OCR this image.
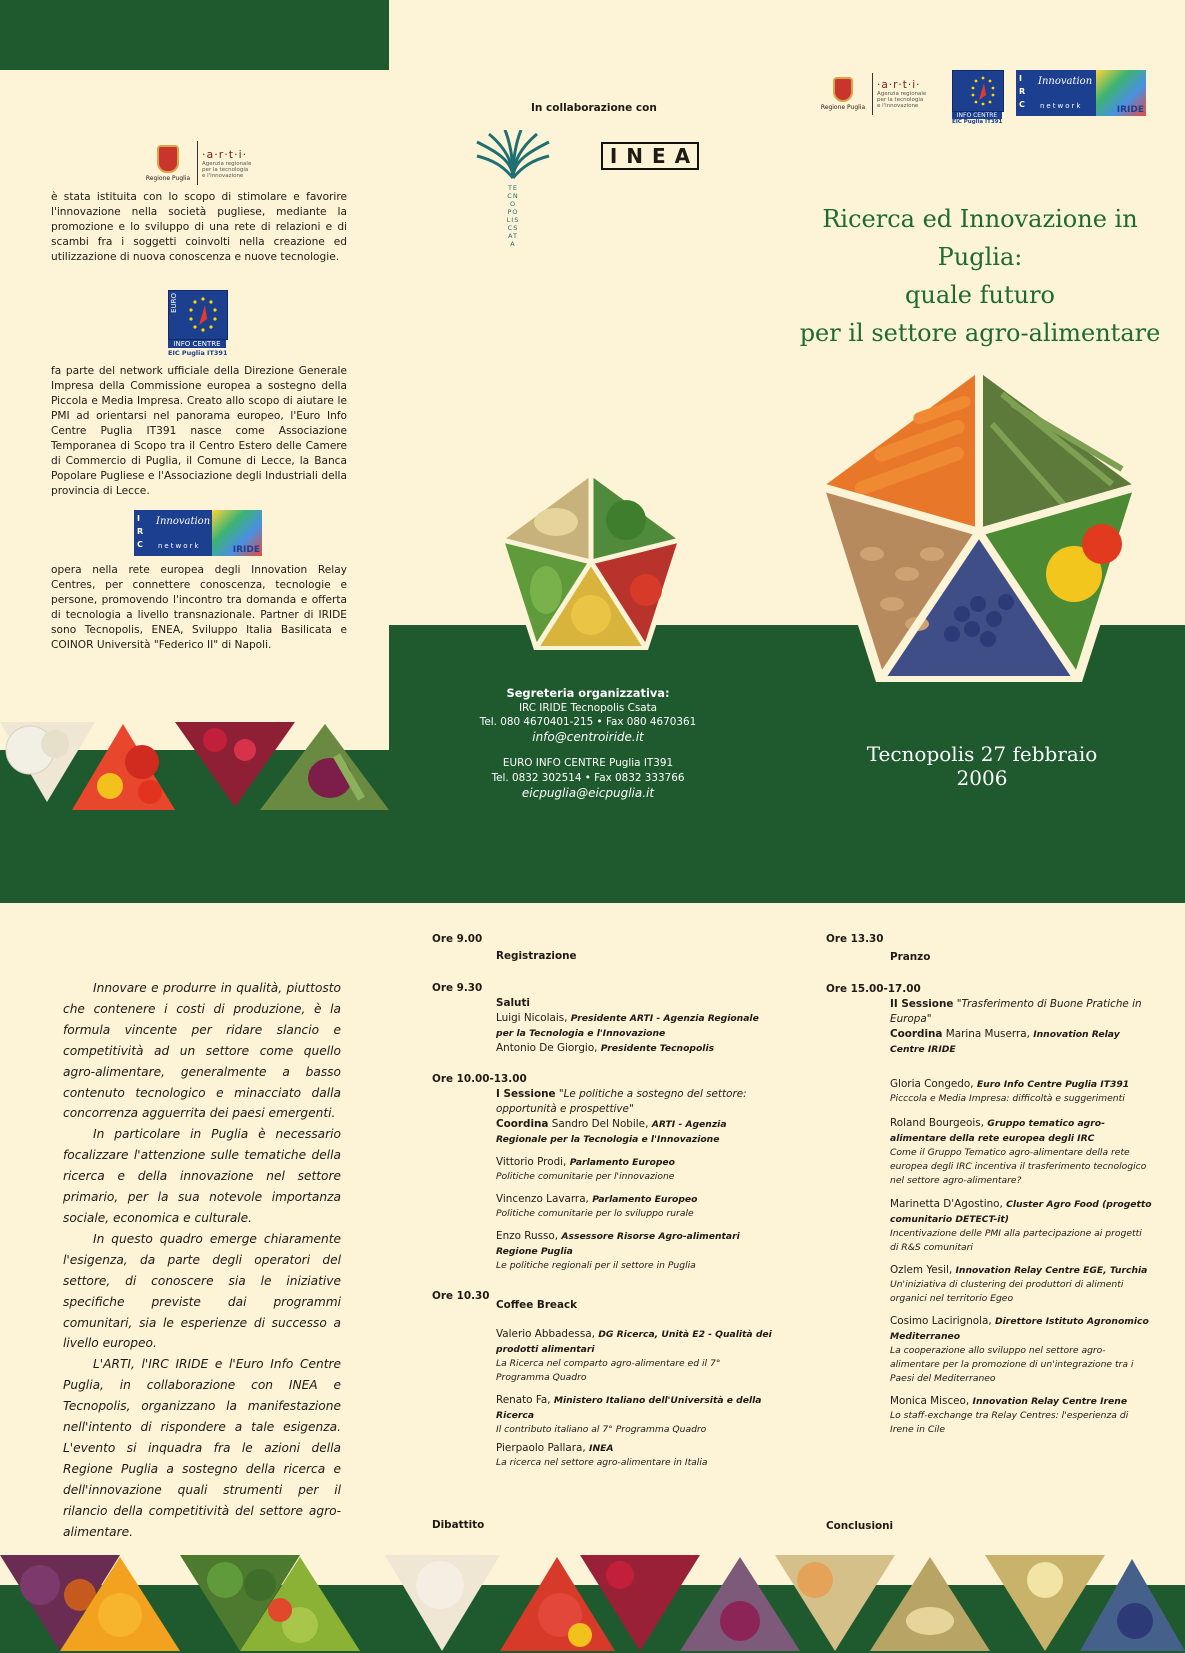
Regione Puglia
·a·r·t·i·
Agenzia regionale
per la tecnologia
e l'innovazione
è stata istituita con lo scopo di stimolare e favorire l'innovazione nella società pugliese, mediante la promozione e lo sviluppo di una rete di relazioni e di scambi fra i soggetti coinvolti nella creazione ed utilizzazione di nuova conoscenza e nuove tecnologie.
EURO
INFO CENTRE
EIC Puglia IT391
fa parte del network ufficiale della Direzione Generale Impresa della Commissione europea a sostegno della Piccola e Media Impresa. Creato allo scopo di aiutare le PMI ad orientarsi nel panorama europeo, l'Euro Info Centre Puglia IT391 nasce come Associazione Temporanea di Scopo tra il Centro Estero delle Camere di Commercio di Puglia, il Comune di Lecce, la Banca Popolare Pugliese e l'Associazione degli Industriali della provincia di Lecce.
I R C
Innovation
network	IRIDE
opera nella rete europea degli Innovation Relay Centres, per connettere conoscenza, tecnologie e persone, promovendo l'incontro tra domanda e offerta di tecnologia a livello transnazionale. Partner di IRIDE sono Tecnopolis, ENEA, Sviluppo Italia Basilicata e COINOR Università "Federico II" di Napoli.
In collaborazione con
TECNO POLIS CSATA
INEA
Segreteria organizzativa:
IRC IRIDE Tecnopolis Csata
Tel. 080 4670401-215 • Fax 080 4670361
info@centroiride.it
EURO INFO CENTRE Puglia IT391
Tel. 0832 302514 • Fax 0832 333766
eicpuglia@eicpuglia.it
Regione Puglia
·a·r·t·i·
Agenzia regionale
per la tecnologia
e l'innovazione
INFO CENTRE
EIC Puglia IT391
I R C
Innovation
network	IRIDE
Ricerca ed Innovazione in Puglia:
quale futuro
per il settore agro-alimentare
Tecnopolis 27 febbraio 2006

Innovare e produrre in qualità, piuttosto che contenere i costi di produzione, è la formula vincente per ridare slancio e competitività ad un settore come quello agro-alimentare, generalmente a basso contenuto tecnologico e minacciato dalla concorrenza agguerrita dei paesi emergenti.

In particolare in Puglia è necessario focalizzare l'attenzione sulle tematiche della ricerca e della innovazione nel settore primario, per la sua notevole importanza sociale, economica e culturale.

In questo quadro emerge chiaramente l'esigenza, da parte degli operatori del settore, di conoscere sia le iniziative specifiche previste dai programmi comunitari, sia le esperienze di successo a livello europeo.

L'ARTI, l'IRC IRIDE e l'Euro Info Centre Puglia, in collaborazione con INEA e Tecnopolis, organizzano la manifestazione nell'intento di rispondere a tale esigenza. L'evento si inquadra fra le azioni della Regione Puglia a sostegno della ricerca e dell'innovazione quali strumenti per il rilancio della competitività del settore agro-alimentare.

Ore 9.00
Registrazione
Ore 9.30
Saluti
Luigi Nicolais, Presidente ARTI - Agenzia Regionale per la Tecnologia e l'Innovazione
Antonio De Giorgio, Presidente Tecnopolis
Ore 10.00-13.00
I Sessione "Le politiche a sostegno del settore: opportunità e prospettive"
Coordina Sandro Del Nobile, ARTI - Agenzia Regionale per la Tecnologia e l'Innovazione
Vittorio Prodi, Parlamento Europeo
Politiche comunitarie per l'innovazione
Vincenzo Lavarra, Parlamento Europeo
Politiche comunitarie per lo sviluppo rurale
Enzo Russo, Assessore Risorse Agro-alimentari Regione Puglia
Le politiche regionali per il settore in Puglia
Ore 10.30
Coffee Breack
Valerio Abbadessa, DG Ricerca, Unità E2 - Qualità dei prodotti alimentari
La Ricerca nel comparto agro-alimentare ed il 7° Programma Quadro
Renato Fa, Ministero Italiano dell'Università e della Ricerca
Il contributo italiano al 7° Programma Quadro
Pierpaolo Pallara, INEA
La ricerca nel settore agro-alimentare in Italia
Dibattito
Ore 13.30
Pranzo
Ore 15.00-17.00
II Sessione "Trasferimento di Buone Pratiche in Europa"
Coordina Marina Muserra, Innovation Relay Centre IRIDE
Gloria Congedo, Euro Info Centre Puglia IT391
Picccola e Media Impresa: difficoltà e suggerimenti
Roland Bourgeois, Gruppo tematico agro-alimentare della rete europea degli IRC
Come il Gruppo Tematico agro-alimentare della rete europea degli IRC incentiva il trasferimento tecnologico nel settore agro-alimentare?
Marinetta D'Agostino, Cluster Agro Food (progetto comunitario DETECT-it)
Incentivazione delle PMI alla partecipazione ai progetti di R&S comunitari
Ozlem Yesil, Innovation Relay Centre EGE, Turchia
Un'iniziativa di clustering dei produttori di alimenti organici nel territorio Egeo
Cosimo Lacirignola, Direttore Istituto Agronomico Mediterraneo
La cooperazione allo sviluppo nel settore agro-alimentare per la promozione di un'integrazione tra i Paesi del Mediterraneo
Monica Misceo, Innovation Relay Centre Irene
Lo staff-exchange tra Relay Centres: l'esperienza di Irene in Cile
Conclusioni
